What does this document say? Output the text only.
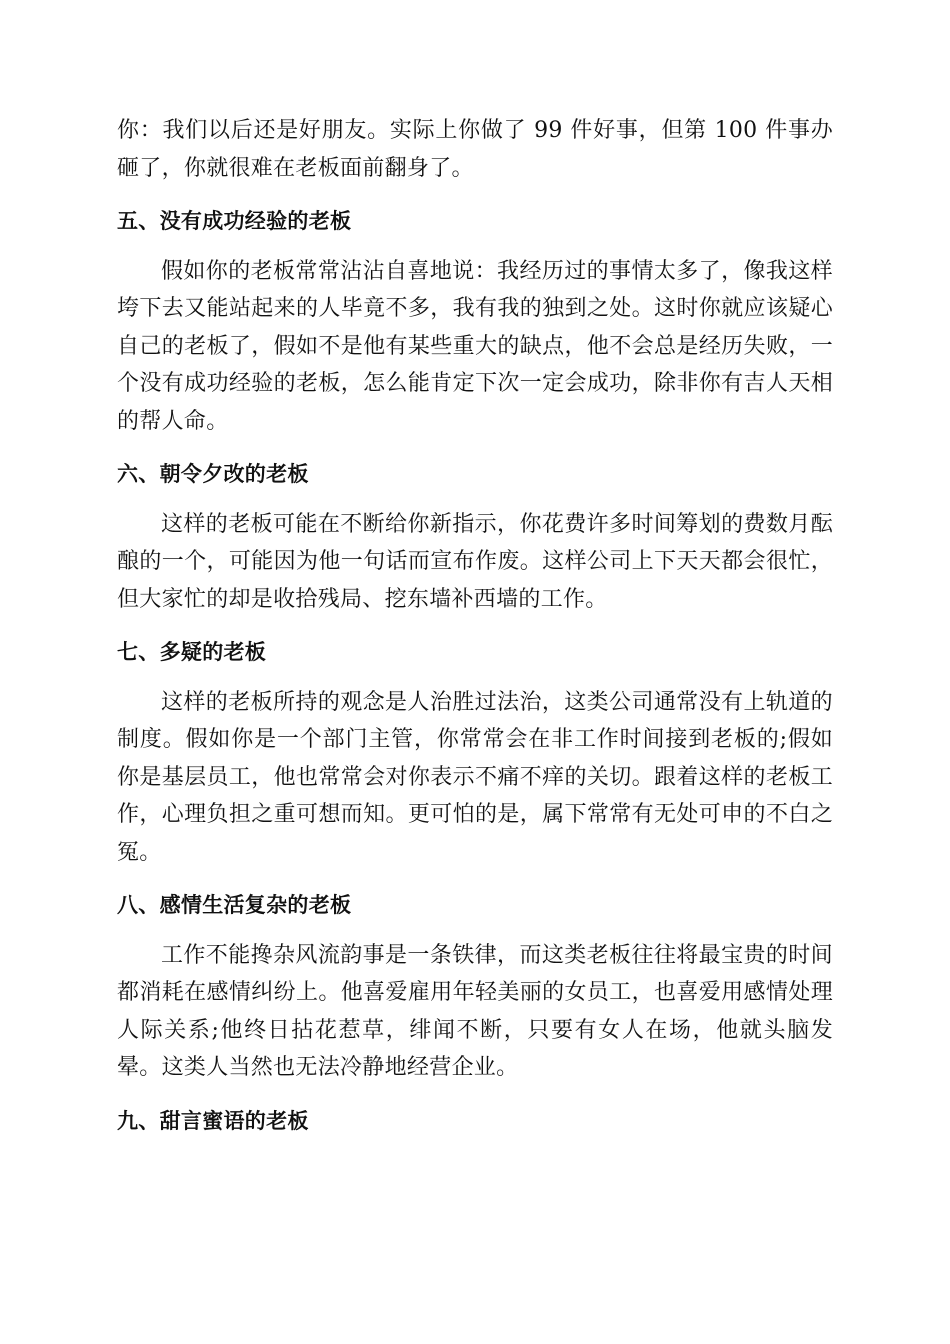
你：我们以后还是好朋友。实际上你做了 99 件好事，但第 100 件事办砸了，你就很难在老板面前翻身了。

五、没有成功经验的老板

假如你的老板常常沾沾自喜地说：我经历过的事情太多了，像我这样垮下去又能站起来的人毕竟不多，我有我的独到之处。这时你就应该疑心自己的老板了，假如不是他有某些重大的缺点，他不会总是经历失败，一个没有成功经验的老板，怎么能肯定下次一定会成功，除非你有吉人天相的帮人命。

六、朝令夕改的老板

这样的老板可能在不断给你新指示，你花费许多时间筹划的费数月酝酿的一个，可能因为他一句话而宣布作废。这样公司上下天天都会很忙，但大家忙的却是收拾残局、挖东墙补西墙的工作。

七、多疑的老板

这样的老板所持的观念是人治胜过法治，这类公司通常没有上轨道的制度。假如你是一个部门主管，你常常会在非工作时间接到老板的;假如你是基层员工，他也常常会对你表示不痛不痒的关切。跟着这样的老板工作，心理负担之重可想而知。更可怕的是，属下常常有无处可申的不白之冤。

八、感情生活复杂的老板

工作不能搀杂风流韵事是一条铁律，而这类老板往往将最宝贵的时间都消耗在感情纠纷上。他喜爱雇用年轻美丽的女员工，也喜爱用感情处理人际关系;他终日拈花惹草，绯闻不断，只要有女人在场，他就头脑发晕。这类人当然也无法冷静地经营企业。

九、甜言蜜语的老板
